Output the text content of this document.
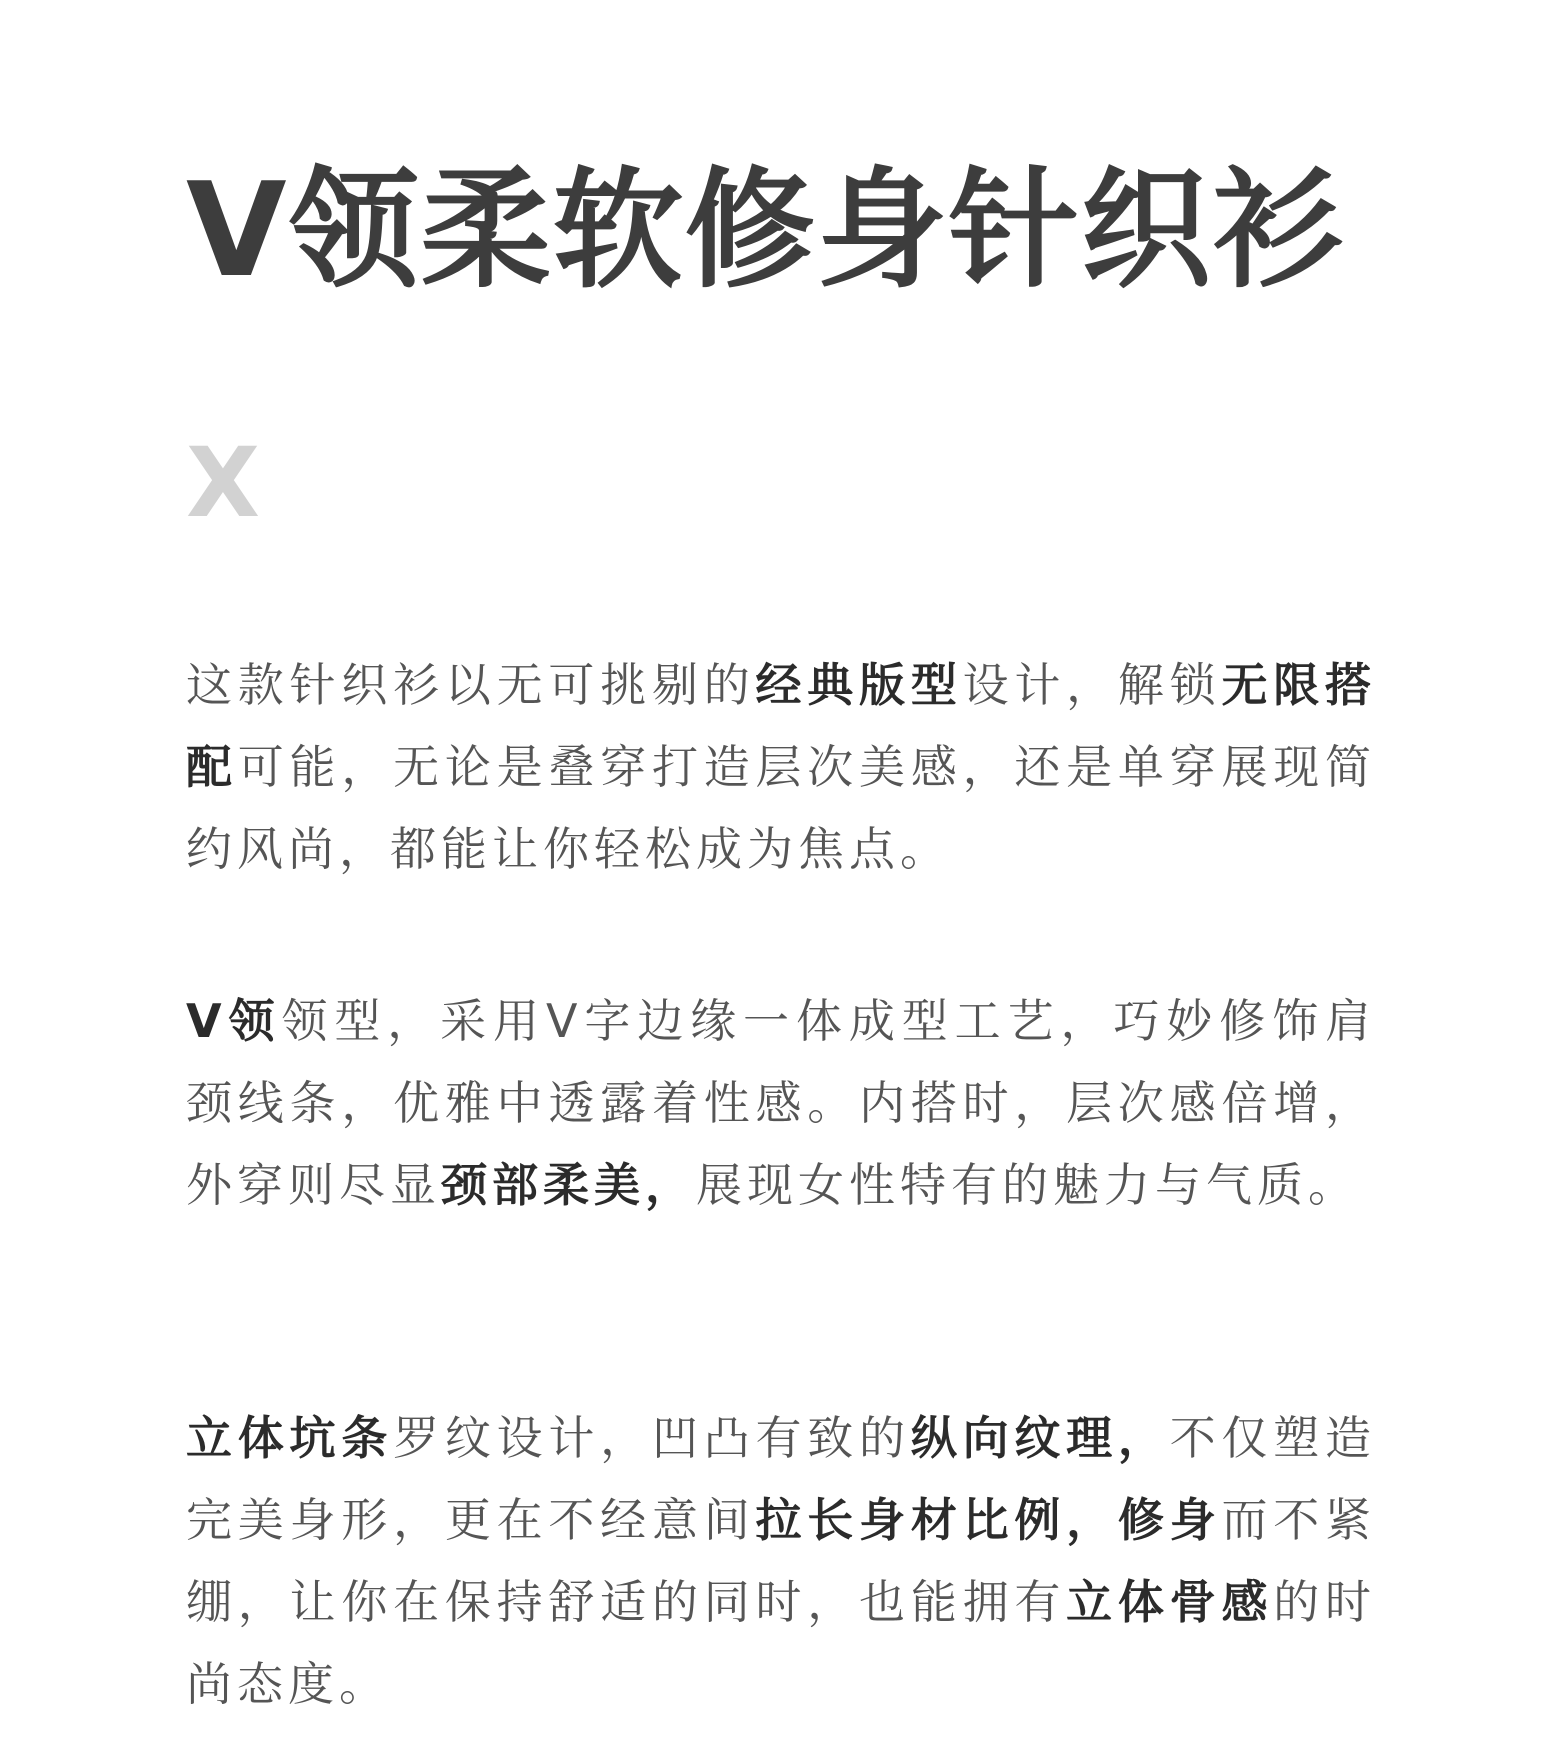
V领柔软修身针织衫
X

这款针织衫以无可挑剔的经典版型设计，解锁无限搭配可能，无论是叠穿打造层次美感，还是单穿展现简约风尚，都能让你轻松成为焦点。

V领领型，采用V字边缘一体成型工艺，巧妙修饰肩颈线条，优雅中透露着性感。内搭时，层次感倍增，外穿则尽显颈部柔美，展现女性特有的魅力与气质。

立体坑条罗纹设计，凹凸有致的纵向纹理，不仅塑造完美身形，更在不经意间拉长身材比例，修身而不紧绷，让你在保持舒适的同时，也能拥有立体骨感的时尚态度。
